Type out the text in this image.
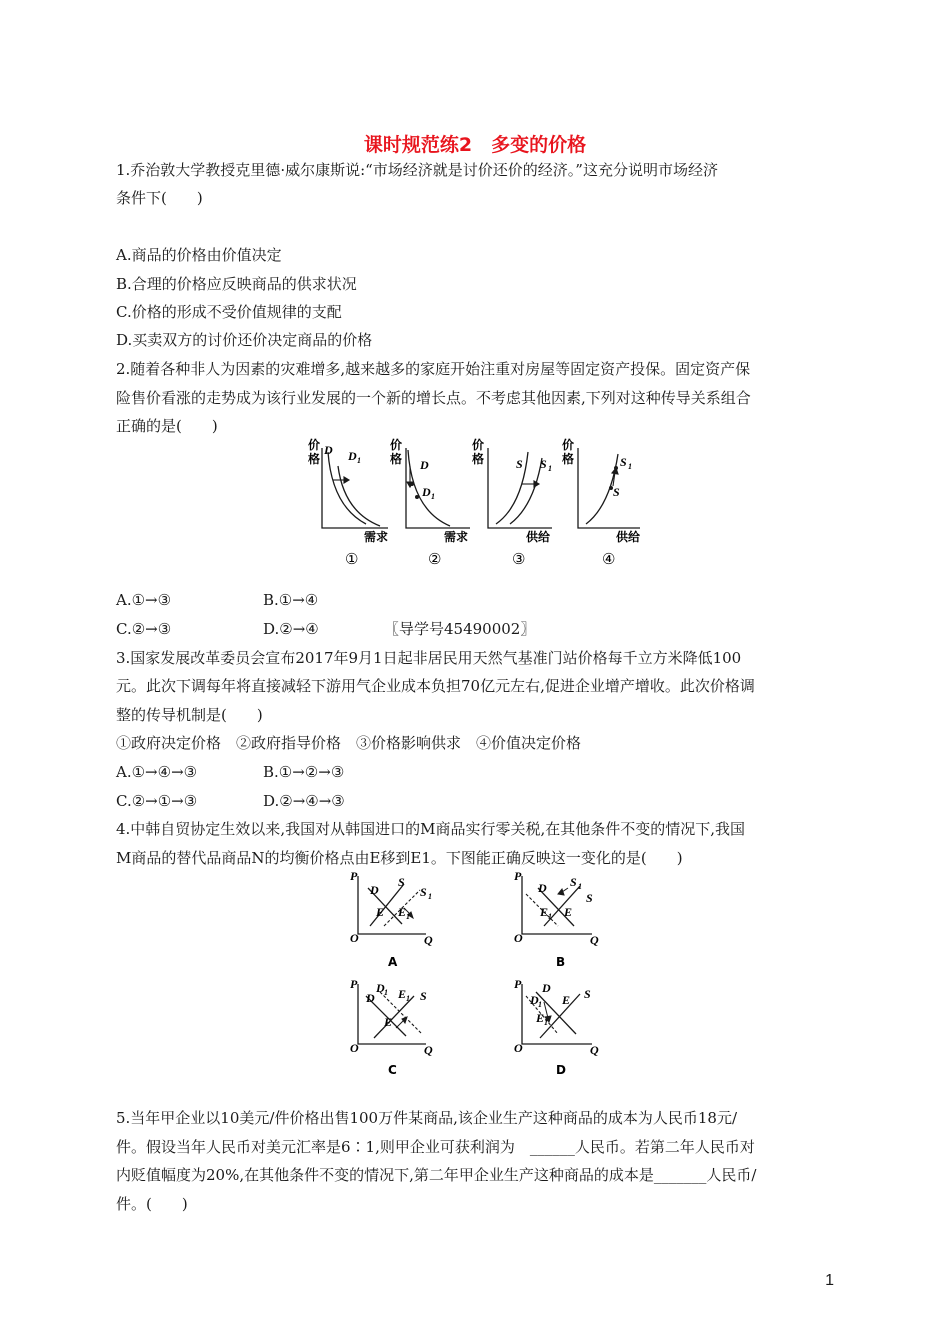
课时规范练2　多变的价格
1.乔治敦大学教授克里德·威尔康斯说:“市场经济就是讨价还价的经济。”这充分说明市场经济
条件下(　　)
A.商品的价格由价值决定
B.合理的价格应反映商品的供求状况
C.价格的形成不受价值规律的支配
D.买卖双方的讨价还价决定商品的价格
2.随着各种非人为因素的灾难增多,越来越多的家庭开始注重对房屋等固定资产投保。固定资产保
险售价看涨的走势成为该行业发展的一个新的增长点。不考虑其他因素,下列对这种传导关系组合
正确的是(　　)
价
格
价
格
价
格
价
格
需求	需求	供给	供给
D D 1	D
D 1
S S 1	S 1
S
①	②	③	④
A.①→③	B.①→④
C.②→③	D.②→④	〖导学号45490002〗
3.国家发展改革委员会宣布2017年9月1日起非居民用天然气基准门站价格每千立方米降低100
元。此次下调每年将直接减轻下游用气企业成本负担70亿元左右,促进企业增产增收。此次价格调
整的传导机制是(　　)
①政府决定价格　②政府指导价格　③价格影响供求　④价值决定价格
A.①→④→③	B.①→②→③
C.②→①→③	D.②→④→③
4.中韩自贸协定生效以来,我国对从韩国进口的M商品实行零关税,在其他条件不变的情况下,我国
M商品的替代品商品N的均衡价格点由E移到E1。下图能正确反映这一变化的是(　　)
P
O	Q
P
O	Q
P
O	Q
P
O	Q
D
S
S 1
E E 1
A
D S 1
S
E 1 E
B
D 1
D E 1 S
E
C
D 1
D
E S
E 1
D
5.当年甲企业以10美元/件价格出售100万件某商品,该企业生产这种商品的成本为人民币18元/
件。假设当年人民币对美元汇率是6∶1,则甲企业可获利润为　______人民币。若第二年人民币对
内贬值幅度为20%,在其他条件不变的情况下,第二年甲企业生产这种商品的成本是_______人民币/
件。(　　)
1
